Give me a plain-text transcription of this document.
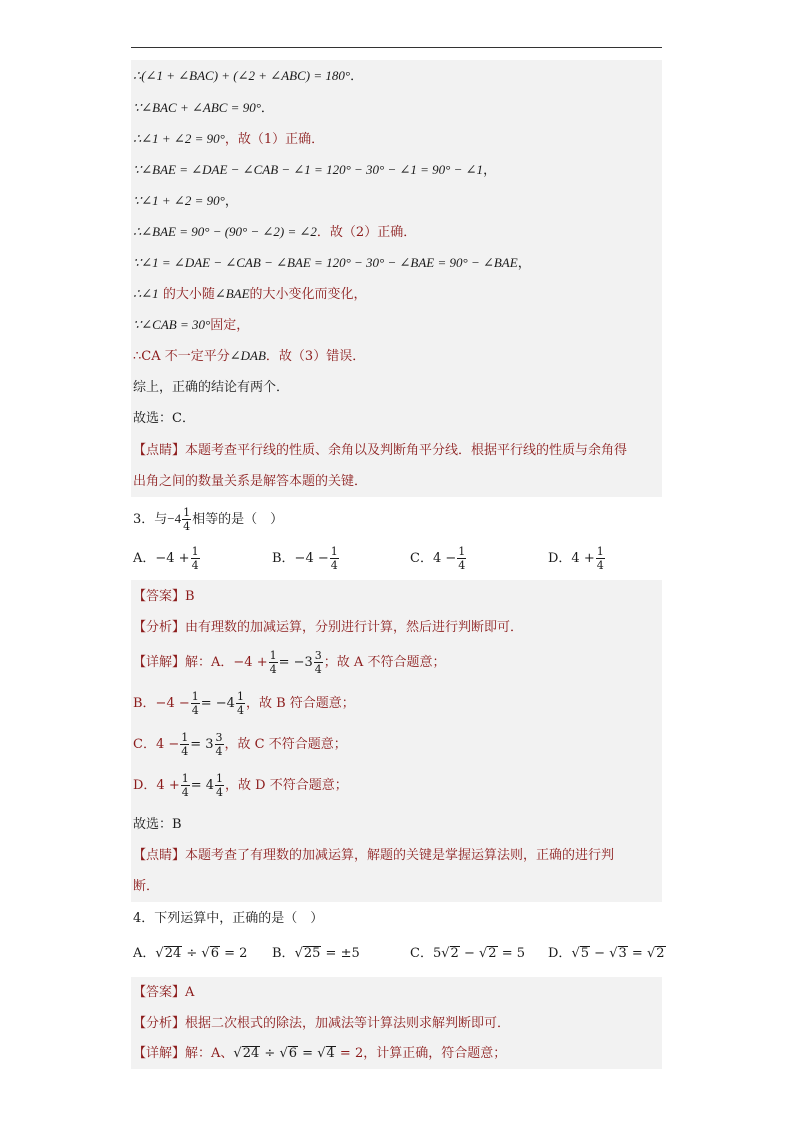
∴(∠1 + ∠BAC) + (∠2 + ∠ABC) = 180°．
∵∠BAC + ∠ABC = 90°．
∴∠1 + ∠2 = 90°，故（1）正确．
∵∠BAE = ∠DAE − ∠CAB − ∠1 = 120° − 30° − ∠1 = 90° − ∠1，
∵∠1 + ∠2 = 90°，
∴∠BAE = 90° − (90° − ∠2) = ∠2．故（2）正确．
∵∠1 = ∠DAE − ∠CAB − ∠BAE = 120° − 30° − ∠BAE = 90° − ∠BAE，
∴∠1 的大小随∠BAE的大小变化而变化，
∵∠CAB = 30°固定，
∴CA 不一定平分∠DAB．故（3）错误．
综上，正确的结论有两个．
故选：C．
【点睛】本题考查平行线的性质、余角以及判断角平分线．根据平行线的性质与余角得
出角之间的数量关系是解答本题的关键．
3．与$-4 \frac{1}{4}$ 相等的是（　）
A．$-4 + \frac{1}{4}$	B．$-4 - \frac{1}{4}$	C．$4 - \frac{1}{4}$	D．$4 + \frac{1}{4}$
【答案】B
【分析】由有理数的加减运算，分别进行计算，然后进行判断即可．
【详解】解：A．$-4 + \frac{1}{4} = -3 \frac{3}{4}$ ；故 A 不符合题意；
B．$-4 - \frac{1}{4} = -4 \frac{1}{4}$ ，故 B 符合题意；
C．$4 - \frac{1}{4} = 3 \frac{3}{4}$ ，故 C 不符合题意；
D．$4 + \frac{1}{4} = 4 \frac{1}{4}$ ，故 D 不符合题意；
故选：B
【点睛】本题考查了有理数的加减运算，解题的关键是掌握运算法则，正确的进行判
断．
4．下列运算中，正确的是（　）
A．√24 ÷ √6 = 2 B．√25 = ±5	C．5√2 − √2 = 5 D．√5 − √3 = √2
【答案】A
【分析】根据二次根式的除法，加减法等计算法则求解判断即可．
【详解】解：A、√24 ÷ √6 = √4 = 2，计算正确，符合题意；
